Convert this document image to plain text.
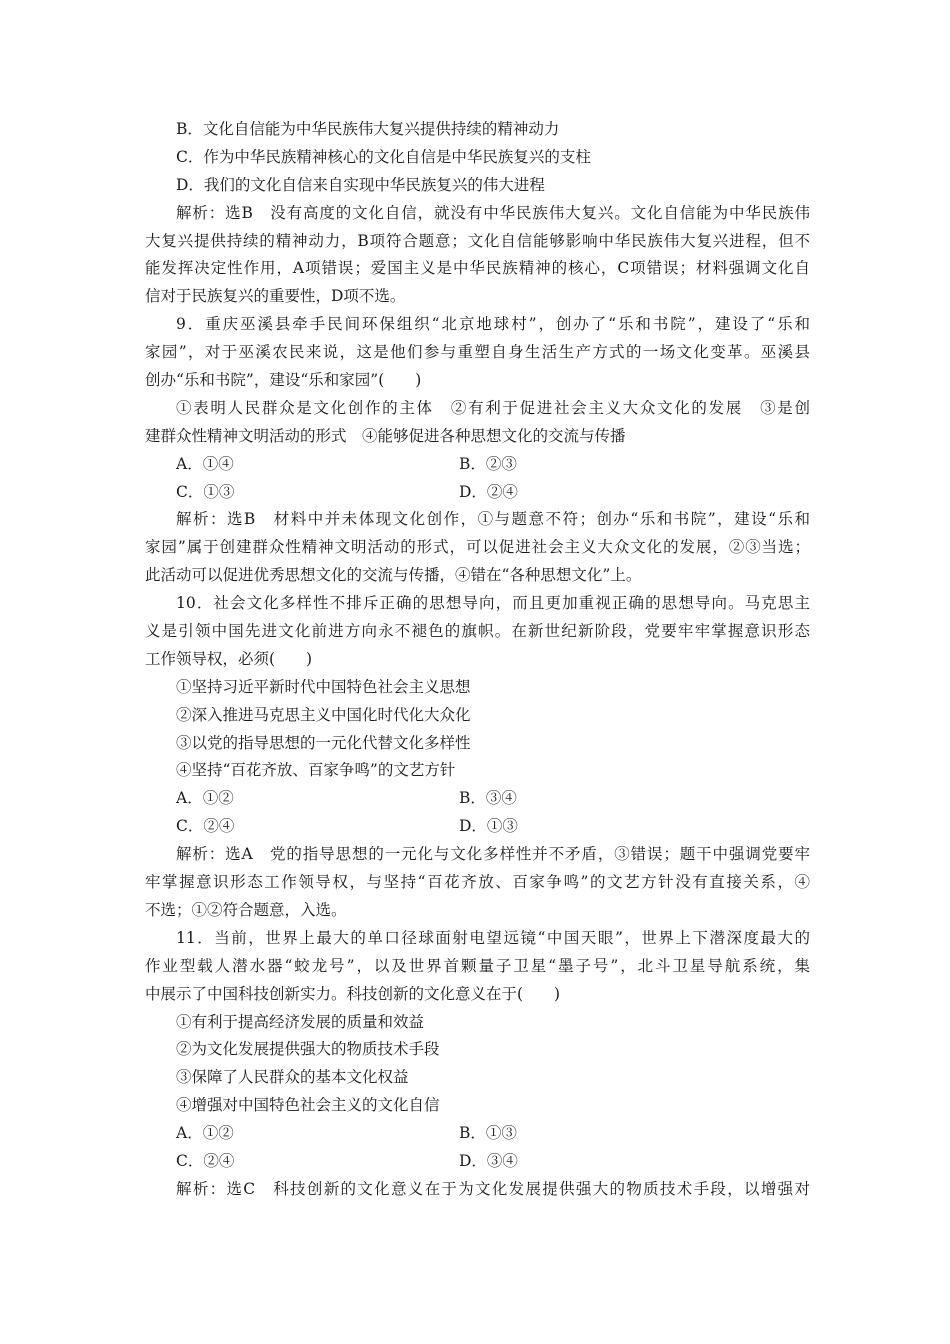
B．文化自信能为中华民族伟大复兴提供持续的精神动力
C．作为中华民族精神核心的文化自信是中华民族复兴的支柱
D．我们的文化自信来自实现中华民族复兴的伟大进程
解析：选B　没有高度的文化自信，就没有中华民族伟大复兴。文化自信能为中华民族伟
大复兴提供持续的精神动力，B项符合题意；文化自信能够影响中华民族伟大复兴进程，但不
能发挥决定性作用，A项错误；爱国主义是中华民族精神的核心，C项错误；材料强调文化自
信对于民族复兴的重要性，D项不选。
9．重庆巫溪县牵手民间环保组织“北京地球村”，创办了“乐和书院”，建设了“乐和
家园”，对于巫溪农民来说，这是他们参与重塑自身生活生产方式的一场文化变革。巫溪县
创办“乐和书院”，建设“乐和家园”(　　)
①表明人民群众是文化创作的主体　②有利于促进社会主义大众文化的发展　③是创
建群众性精神文明活动的形式　④能够促进各种思想文化的交流与传播
A．①④	B．②③
C．①③	D．②④
解析：选B　材料中并未体现文化创作，①与题意不符；创办“乐和书院”，建设“乐和
家园”属于创建群众性精神文明活动的形式，可以促进社会主义大众文化的发展，②③当选；
此活动可以促进优秀思想文化的交流与传播，④错在“各种思想文化”上。
10．社会文化多样性不排斥正确的思想导向，而且更加重视正确的思想导向。马克思主
义是引领中国先进文化前进方向永不褪色的旗帜。在新世纪新阶段，党要牢牢掌握意识形态
工作领导权，必须(　　)
①坚持习近平新时代中国特色社会主义思想
②深入推进马克思主义中国化时代化大众化
③以党的指导思想的一元化代替文化多样性
④坚持“百花齐放、百家争鸣”的文艺方针
A．①②	B．③④
C．②④	D．①③
解析：选A　党的指导思想的一元化与文化多样性并不矛盾，③错误；题干中强调党要牢
牢掌握意识形态工作领导权，与坚持“百花齐放、百家争鸣”的文艺方针没有直接关系，④
不选；①②符合题意，入选。
11．当前，世界上最大的单口径球面射电望远镜“中国天眼”，世界上下潜深度最大的
作业型载人潜水器“蛟龙号”，以及世界首颗量子卫星“墨子号”，北斗卫星导航系统，集
中展示了中国科技创新实力。科技创新的文化意义在于(　　)
①有利于提高经济发展的质量和效益
②为文化发展提供强大的物质技术手段
③保障了人民群众的基本文化权益
④增强对中国特色社会主义的文化自信
A．①②	B．①③
C．②④	D．③④
解析：选C　科技创新的文化意义在于为文化发展提供强大的物质技术手段，以增强对
